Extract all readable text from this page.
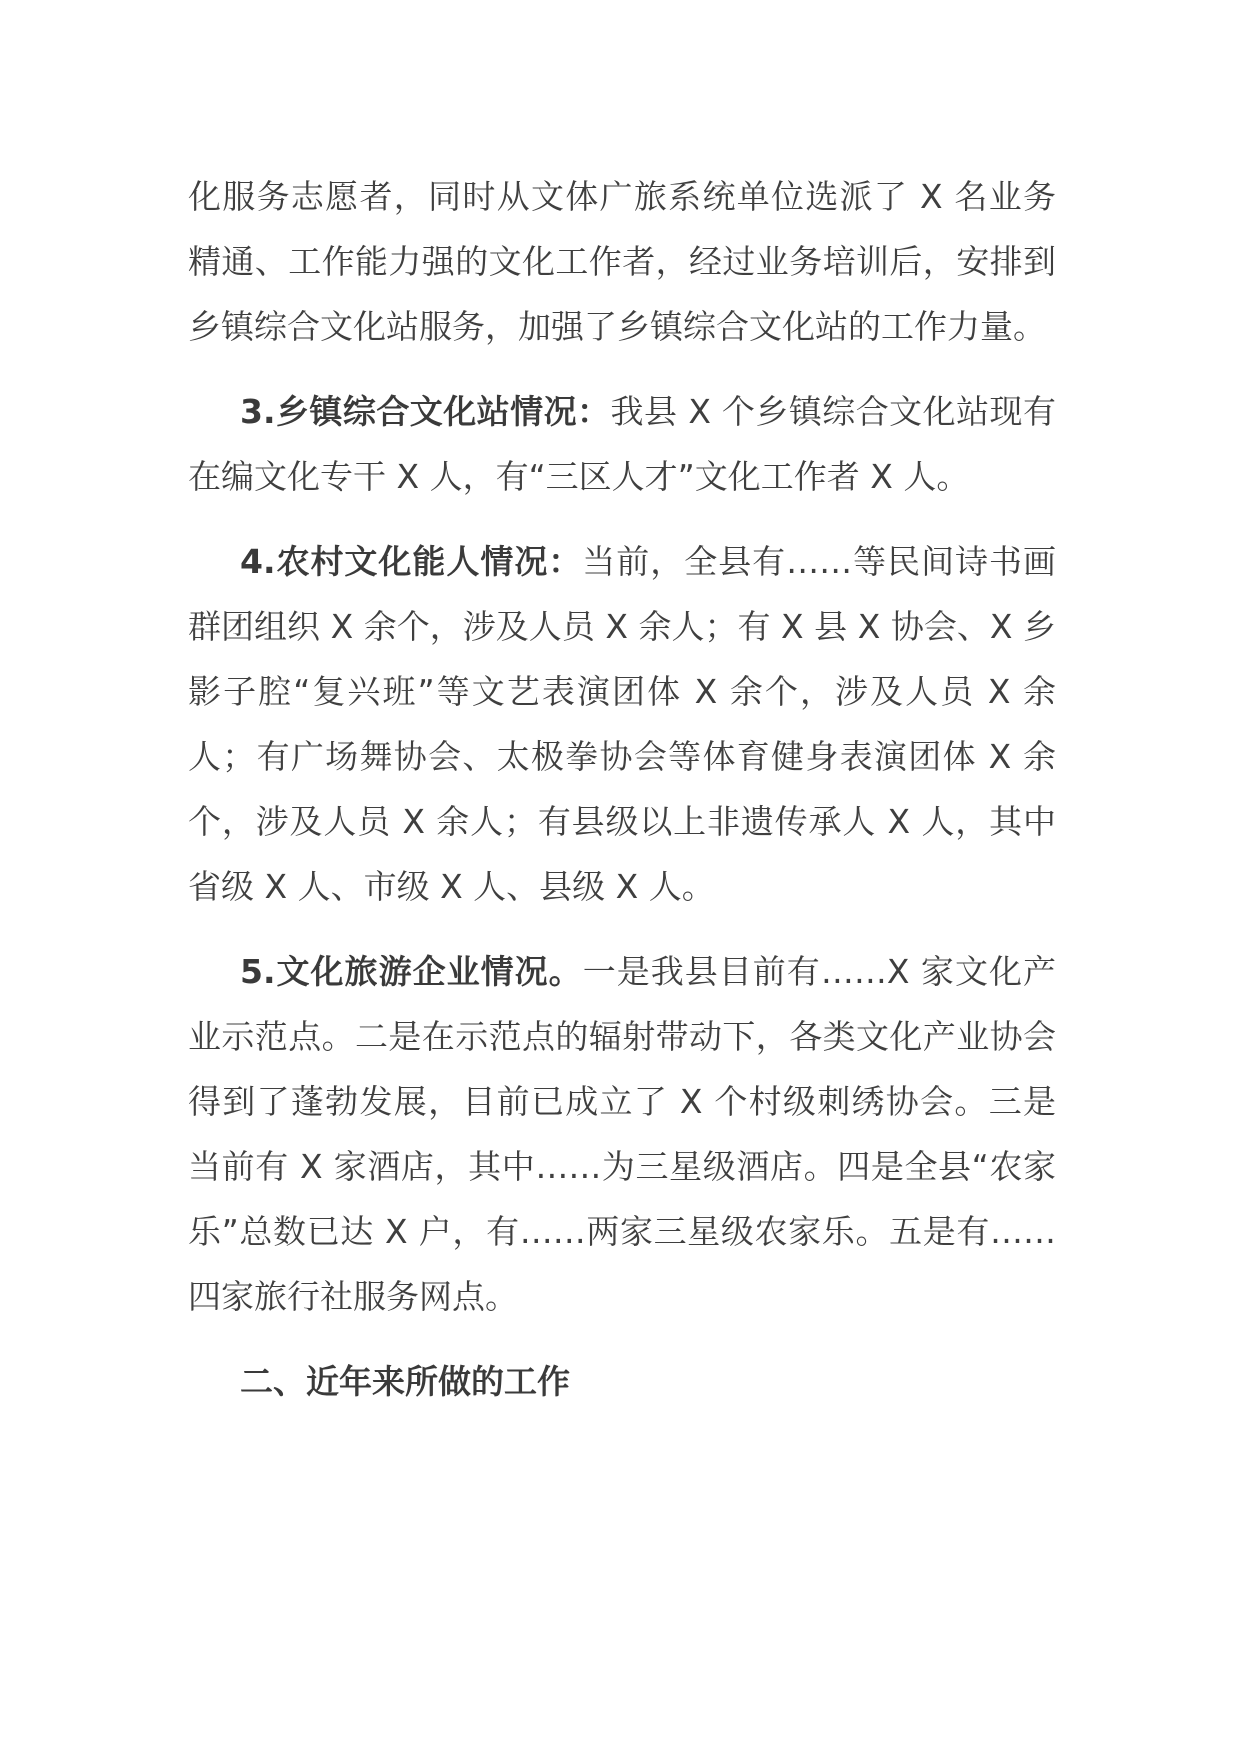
化服务志愿者，同时从文体广旅系统单位选派了 X 名业务精通、工作能力强的文化工作者，经过业务培训后，安排到乡镇综合文化站服务，加强了乡镇综合文化站的工作力量。

3.乡镇综合文化站情况：我县 X 个乡镇综合文化站现有在编文化专干 X 人，有“三区人才”文化工作者 X 人。

4.农村文化能人情况：当前，全县有……等民间诗书画群团组织 X 余个，涉及人员 X 余人；有 X 县 X 协会、X 乡影子腔“复兴班”等文艺表演团体 X 余个，涉及人员 X 余人；有广场舞协会、太极拳协会等体育健身表演团体 X 余个，涉及人员 X 余人；有县级以上非遗传承人 X 人，其中省级 X 人、市级 X 人、县级 X 人。

5.文化旅游企业情况。一是我县目前有……X 家文化产业示范点。二是在示范点的辐射带动下，各类文化产业协会得到了蓬勃发展，目前已成立了 X 个村级刺绣协会。三是当前有 X 家酒店，其中……为三星级酒店。四是全县“农家乐”总数已达 X 户，有……两家三星级农家乐。五是有……四家旅行社服务网点。

二、近年来所做的工作
